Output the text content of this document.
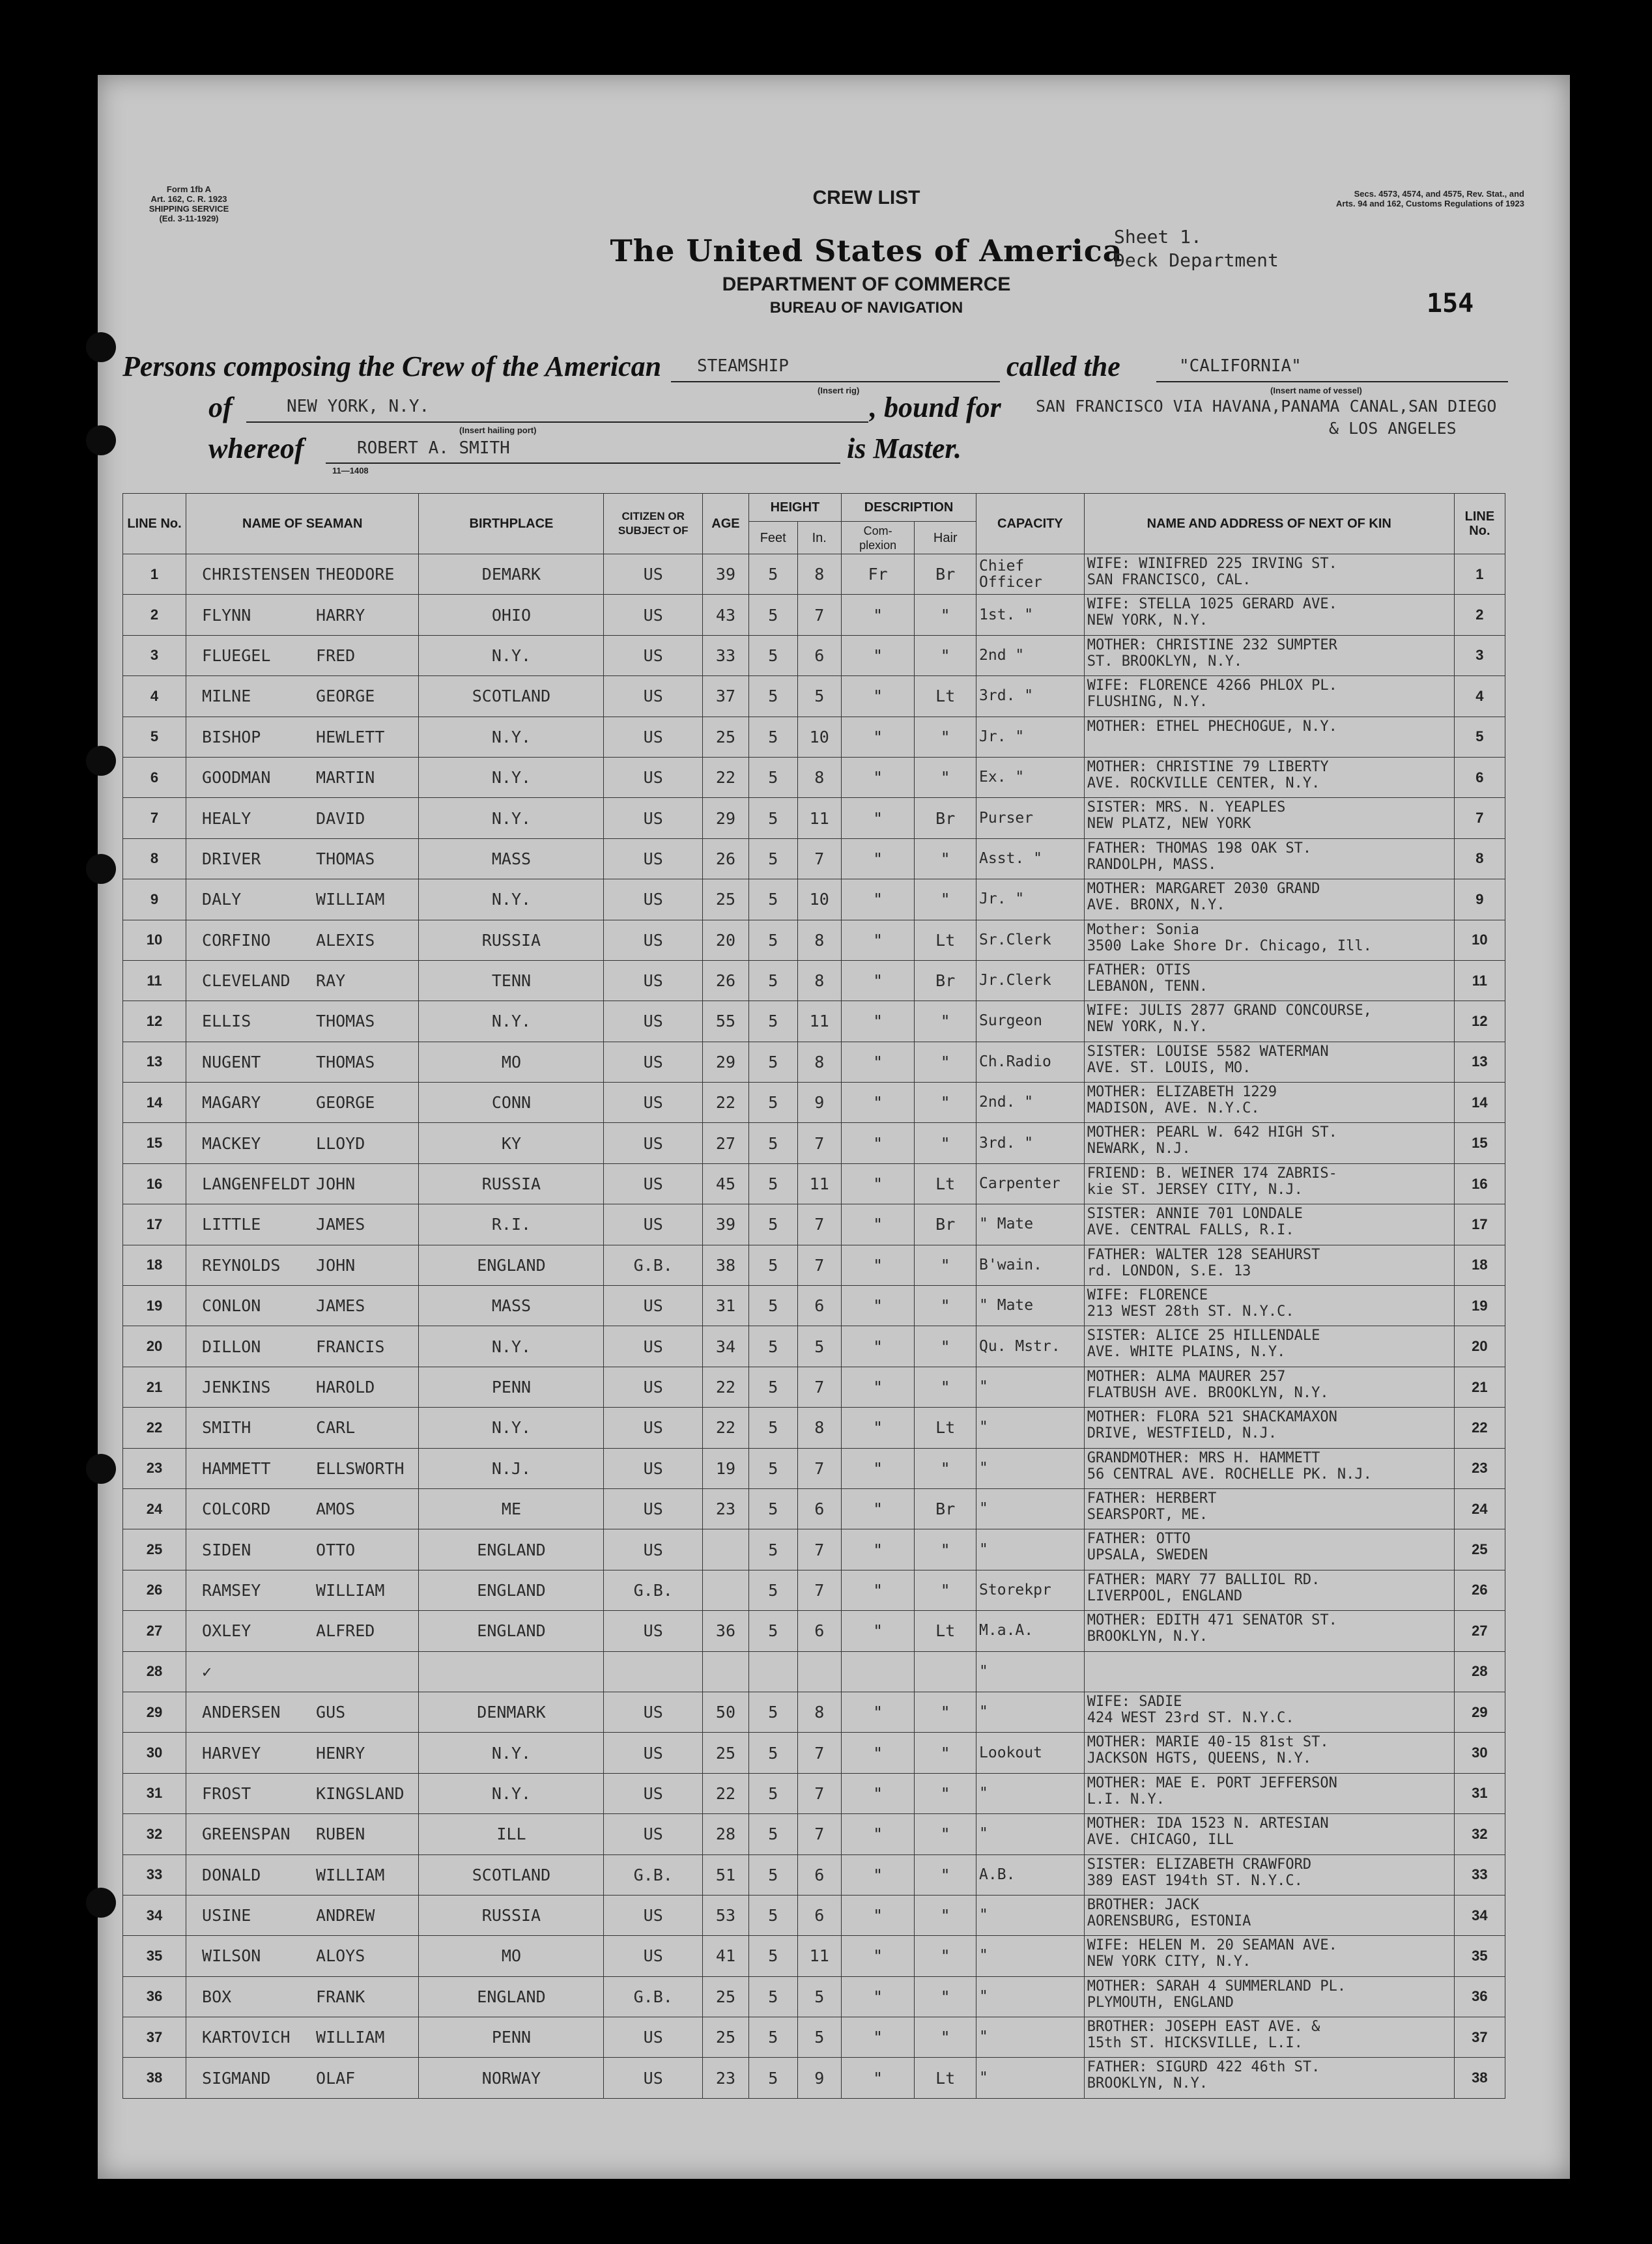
Form 1fb A
Art. 162, C. R. 1923
SHIPPING SERVICE
(Ed. 3-11-1929)
Secs. 4573, 4574, and 4575, Rev. Stat., and
Arts. 94 and 162, Customs Regulations of 1923
CREW LIST
The United States of America
DEPARTMENT OF COMMERCE
BUREAU OF NAVIGATION
Sheet 1.
Deck Department
154
Persons composing the Crew of the American STEAMSHIP
(Insert rig)
called the	"CALIFORNIA"
(Insert name of vessel)
of	NEW YORK, N.Y.
(Insert hailing port)
, bound for SAN FRANCISCO VIA HAVANA,PANAMA CANAL,SAN DIEGO
& LOS ANGELES
whereof	ROBERT A. SMITH	is Master.
11—1408
LINE No.	NAME OF SEAMAN	BIRTHPLACE	CITIZEN OR SUBJECT OF	AGE	HEIGHT		DESCRIPTION		CAPACITY	NAME AND ADDRESS OF NEXT OF KIN	LINE No.
					Feet	In.	Com- plexion	Hair			
1	CHRISTENSEN THEODORE	DEMARK	US	39	5	8	Fr	Br	Chief Officer	WIFE: WINIFRED 225 IRVING ST.
SAN FRANCISCO, CAL.	1
2	FLYNN HARRY	OHIO	US	43	5	7	"	"	1st. "	WIFE: STELLA 1025 GERARD AVE.
NEW YORK, N.Y.	2
3	FLUEGEL FRED	N.Y.	US	33	5	6	"	"	2nd "	MOTHER: CHRISTINE 232 SUMPTER
ST. BROOKLYN, N.Y.	3
4	MILNE GEORGE	SCOTLAND	US	37	5	5	"	Lt	3rd. "	WIFE: FLORENCE 4266 PHLOX PL.
FLUSHING, N.Y.	4
5	BISHOP HEWLETT	N.Y.	US	25	5	10	"	"	Jr. "	MOTHER: ETHEL PHECHOGUE, N.Y.	5
6	GOODMAN MARTIN	N.Y.	US	22	5	8	"	"	Ex. "	MOTHER: CHRISTINE 79 LIBERTY
AVE. ROCKVILLE CENTER, N.Y.	6
7	HEALY DAVID	N.Y.	US	29	5	11	"	Br	Purser	SISTER: MRS. N. YEAPLES
NEW PLATZ, NEW YORK	7
8	DRIVER THOMAS	MASS	US	26	5	7	"	"	Asst. "	FATHER: THOMAS 198 OAK ST.
RANDOLPH, MASS.	8
9	DALY WILLIAM	N.Y.	US	25	5	10	"	"	Jr. "	MOTHER: MARGARET 2030 GRAND
AVE. BRONX, N.Y.	9
10	CORFINO ALEXIS	RUSSIA	US	20	5	8	"	Lt	Sr.Clerk	Mother: Sonia
3500 Lake Shore Dr. Chicago, Ill.	10
11	CLEVELAND RAY	TENN	US	26	5	8	"	Br	Jr.Clerk	FATHER: OTIS
LEBANON, TENN.	11
12	ELLIS THOMAS	N.Y.	US	55	5	11	"	"	Surgeon	WIFE: JULIS 2877 GRAND CONCOURSE,
NEW YORK, N.Y.	12
13	NUGENT THOMAS	MO	US	29	5	8	"	"	Ch.Radio	SISTER: LOUISE 5582 WATERMAN
AVE. ST. LOUIS, MO.	13
14	MAGARY GEORGE	CONN	US	22	5	9	"	"	2nd. "	MOTHER: ELIZABETH 1229
MADISON, AVE. N.Y.C.	14
15	MACKEY LLOYD	KY	US	27	5	7	"	"	3rd. "	MOTHER: PEARL W. 642 HIGH ST.
NEWARK, N.J.	15
16	LANGENFELDT JOHN	RUSSIA	US	45	5	11	"	Lt	Carpenter	FRIEND: B. WEINER 174 ZABRIS-
kie ST. JERSEY CITY, N.J.	16
17	LITTLE JAMES	R.I.	US	39	5	7	"	Br	" Mate	SISTER: ANNIE 701 LONDALE
AVE. CENTRAL FALLS, R.I.	17
18	REYNOLDS JOHN	ENGLAND	G.B.	38	5	7	"	"	B'wain.	FATHER: WALTER 128 SEAHURST
rd. LONDON, S.E. 13	18
19	CONLON JAMES	MASS	US	31	5	6	"	"	" Mate	WIFE: FLORENCE
213 WEST 28th ST. N.Y.C.	19
20	DILLON FRANCIS	N.Y.	US	34	5	5	"	"	Qu. Mstr.	SISTER: ALICE 25 HILLENDALE
AVE. WHITE PLAINS, N.Y.	20
21	JENKINS HAROLD	PENN	US	22	5	7	"	"	"	MOTHER: ALMA MAURER 257
FLATBUSH AVE. BROOKLYN, N.Y.	21
22	SMITH CARL	N.Y.	US	22	5	8	"	Lt	"	MOTHER: FLORA 521 SHACKAMAXON
DRIVE, WESTFIELD, N.J.	22
23	HAMMETT ELLSWORTH	N.J.	US	19	5	7	"	"	"	GRANDMOTHER: MRS H. HAMMETT
56 CENTRAL AVE. ROCHELLE PK. N.J.	23
24	COLCORD AMOS	ME	US	23	5	6	"	Br	"	FATHER: HERBERT
SEARSPORT, ME.	24
25	SIDEN OTTO	ENGLAND	US		5	7	"	"	"	FATHER: OTTO
UPSALA, SWEDEN	25
26	RAMSEY WILLIAM	ENGLAND	G.B.		5	7	"	"	Storekpr	FATHER: MARY 77 BALLIOL RD.
LIVERPOOL, ENGLAND	26
27	OXLEY ALFRED	ENGLAND	US	36	5	6	"	Lt	M.a.A.	MOTHER: EDITH 471 SENATOR ST.
BROOKLYN, N.Y.	27
28	✓								"		28
29	ANDERSEN GUS	DENMARK	US	50	5	8	"	"	"	WIFE: SADIE
424 WEST 23rd ST. N.Y.C.	29
30	HARVEY HENRY	N.Y.	US	25	5	7	"	"	Lookout	MOTHER: MARIE 40-15 81st ST.
JACKSON HGTS, QUEENS, N.Y.	30
31	FROST KINGSLAND	N.Y.	US	22	5	7	"	"	"	MOTHER: MAE E. PORT JEFFERSON
L.I. N.Y.	31
32	GREENSPAN RUBEN	ILL	US	28	5	7	"	"	"	MOTHER: IDA 1523 N. ARTESIAN
AVE. CHICAGO, ILL	32
33	DONALD WILLIAM	SCOTLAND	G.B.	51	5	6	"	"	A.B.	SISTER: ELIZABETH CRAWFORD
389 EAST 194th ST. N.Y.C.	33
34	USINE ANDREW	RUSSIA	US	53	5	6	"	"	"	BROTHER: JACK
AORENSBURG, ESTONIA	34
35	WILSON ALOYS	MO	US	41	5	11	"	"	"	WIFE: HELEN M. 20 SEAMAN AVE.
NEW YORK CITY, N.Y.	35
36	BOX FRANK	ENGLAND	G.B.	25	5	5	"	"	"	MOTHER: SARAH 4 SUMMERLAND PL.
PLYMOUTH, ENGLAND	36
37	KARTOVICH WILLIAM	PENN	US	25	5	5	"	"	"	BROTHER: JOSEPH EAST AVE. &
15th ST. HICKSVILLE, L.I.	37
38	SIGMAND OLAF	NORWAY	US	23	5	9	"	Lt	"	FATHER: SIGURD 422 46th ST.
BROOKLYN, N.Y.	38
